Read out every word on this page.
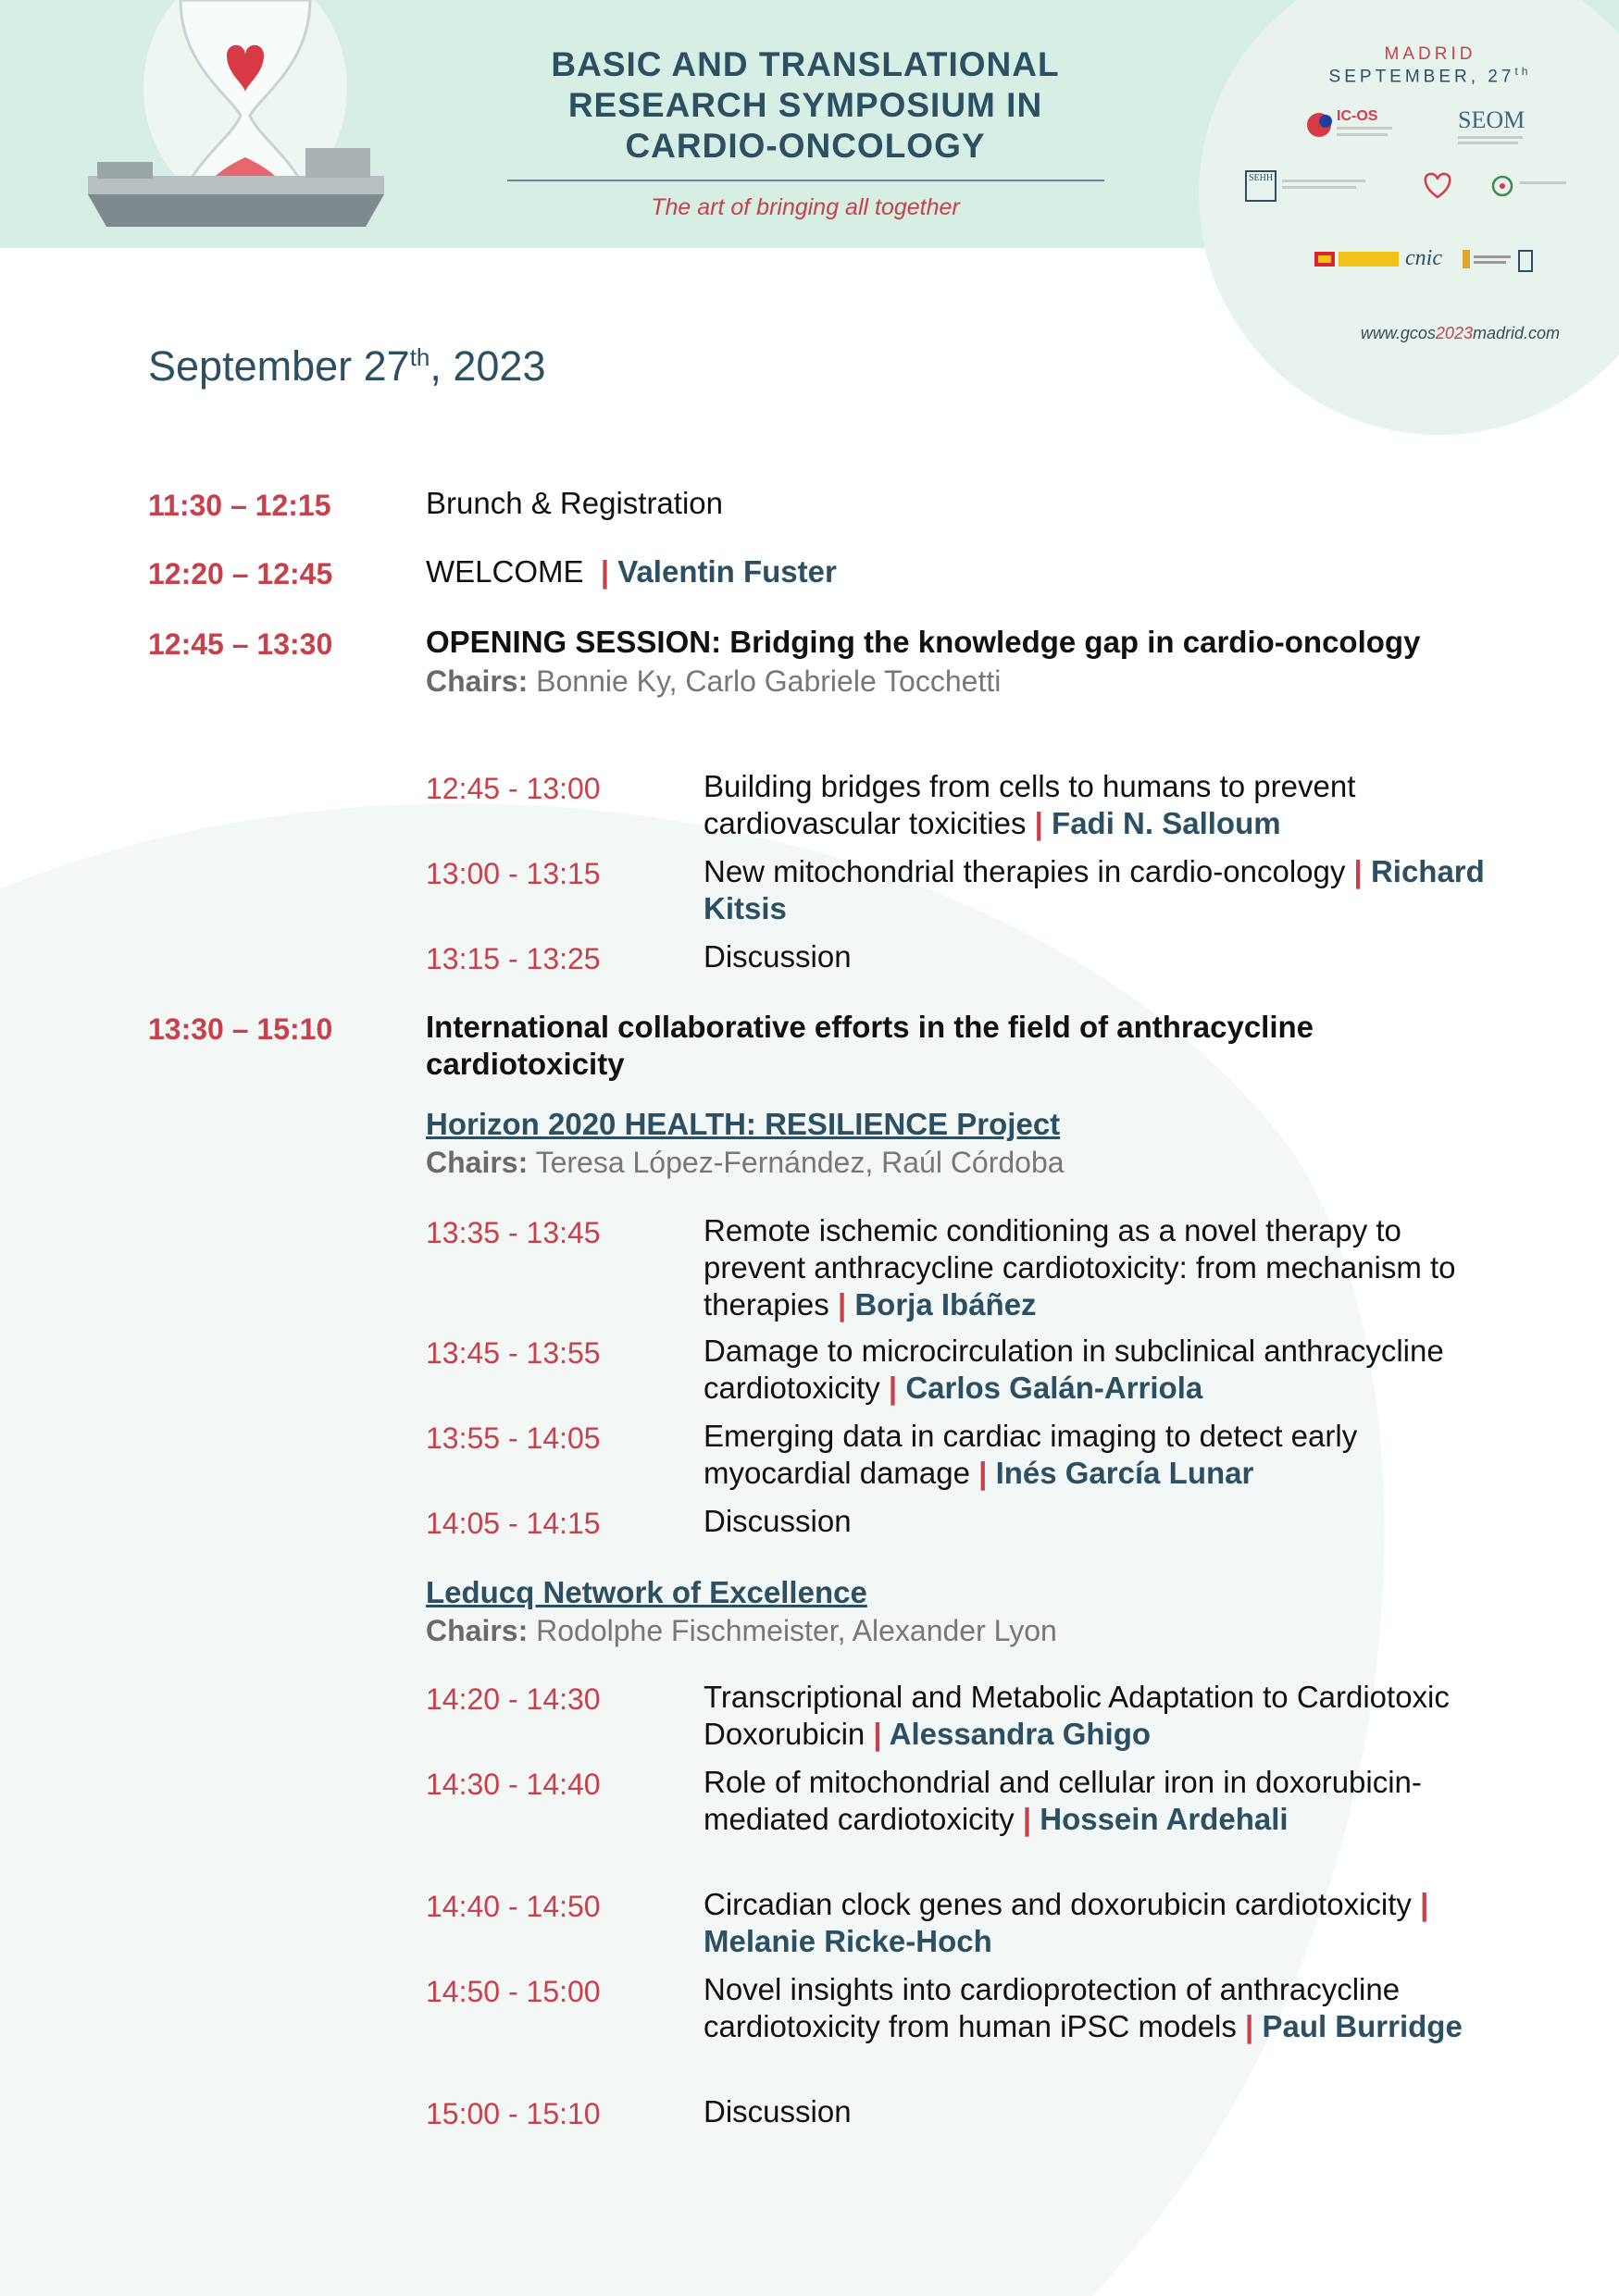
BASIC AND TRANSLATIONAL
RESEARCH SYMPOSIUM IN
CARDIO-ONCOLOGY
The art of bringing all together
MADRID
SEPTEMBER, 27th
IC-OS	SEOM
SEHH
cnic
www.gcos2023madrid.com
September 27th, 2023
11:30 – 12:15	Brunch & Registration
12:20 – 12:45	WELCOME | Valentin Fuster
12:45 – 13:30	OPENING SESSION: Bridging the knowledge gap in cardio-oncology
Chairs: Bonnie Ky, Carlo Gabriele Tocchetti
12:45 - 13:00	Building bridges from cells to humans to prevent cardiovascular toxicities | Fadi N. Salloum
13:00 - 13:15	New mitochondrial therapies in cardio-oncology | Richard Kitsis
13:15 - 13:25	Discussion
13:30 – 15:10	International collaborative efforts in the field of anthracycline cardiotoxicity
Horizon 2020 HEALTH: RESILIENCE Project
Chairs: Teresa López-Fernández, Raúl Córdoba
13:35 - 13:45	Remote ischemic conditioning as a novel therapy to prevent anthracycline cardiotoxicity: from mechanism to therapies | Borja Ibáñez
13:45 - 13:55	Damage to microcirculation in subclinical anthracycline cardiotoxicity | Carlos Galán-Arriola
13:55 - 14:05	Emerging data in cardiac imaging to detect early myocardial damage | Inés García Lunar
14:05 - 14:15	Discussion
Leducq Network of Excellence
Chairs: Rodolphe Fischmeister, Alexander Lyon
14:20 - 14:30	Transcriptional and Metabolic Adaptation to Cardiotoxic Doxorubicin | Alessandra Ghigo
14:30 - 14:40	Role of mitochondrial and cellular iron in doxorubicin-mediated cardiotoxicity | Hossein Ardehali
14:40 - 14:50	Circadian clock genes and doxorubicin cardiotoxicity | Melanie Ricke-Hoch
14:50 - 15:00	Novel insights into cardioprotection of anthracycline cardiotoxicity from human iPSC models | Paul Burridge
15:00 - 15:10	Discussion
